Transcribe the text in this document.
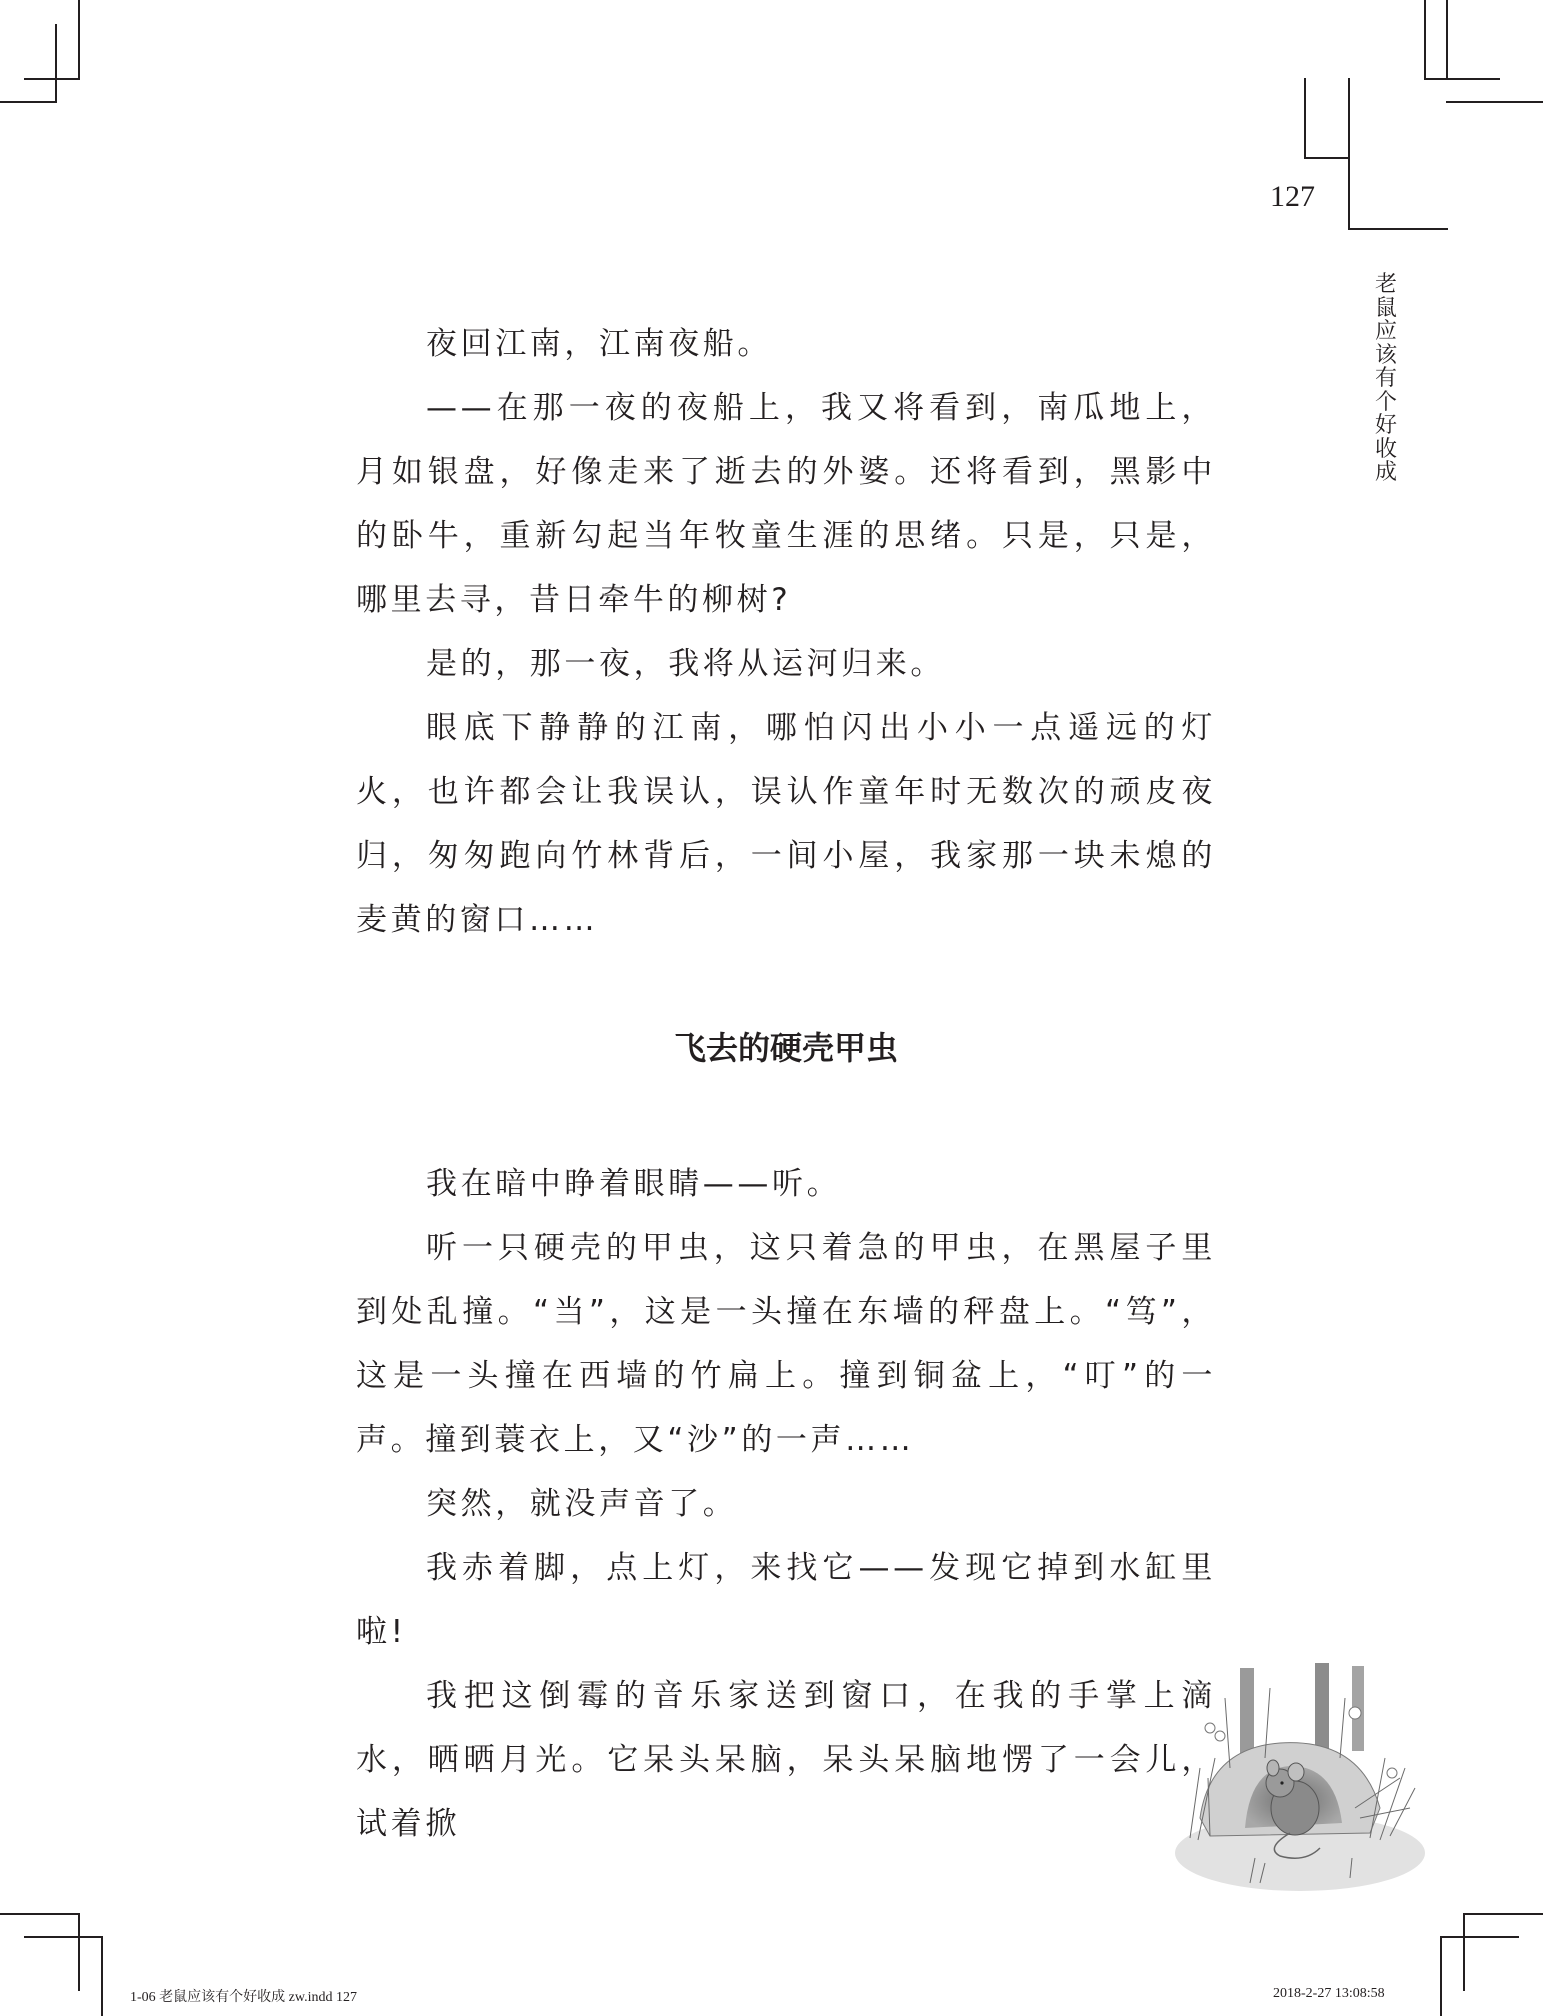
127
老鼠应该有个好收成

夜回江南，江南夜船。

——在那一夜的夜船上，我又将看到，南瓜地上，月如银盘，好像走来了逝去的外婆。还将看到，黑影中的卧牛，重新勾起当年牧童生涯的思绪。只是，只是，哪里去寻，昔日牵牛的柳树?

是的，那一夜，我将从运河归来。

眼底下静静的江南，哪怕闪出小小一点遥远的灯火，也许都会让我误认，误认作童年时无数次的顽皮夜归，匆匆跑向竹林背后，一间小屋，我家那一块未熄的麦黄的窗口……

飞去的硬壳甲虫

我在暗中睁着眼睛——听。

听一只硬壳的甲虫，这只着急的甲虫，在黑屋子里到处乱撞。“当”，这是一头撞在东墙的秤盘上。“笃”，这是一头撞在西墙的竹扁上。撞到铜盆上，“叮”的一声。撞到蓑衣上，又“沙”的一声……

突然，就没声音了。

我赤着脚，点上灯，来找它——发现它掉到水缸里啦!

我把这倒霉的音乐家送到窗口，在我的手掌上滴水，晒晒月光。它呆头呆脑，呆头呆脑地愣了一会儿，试着掀

1-06 老鼠应该有个好收成 zw.indd 127	2018-2-27 13:08:58
